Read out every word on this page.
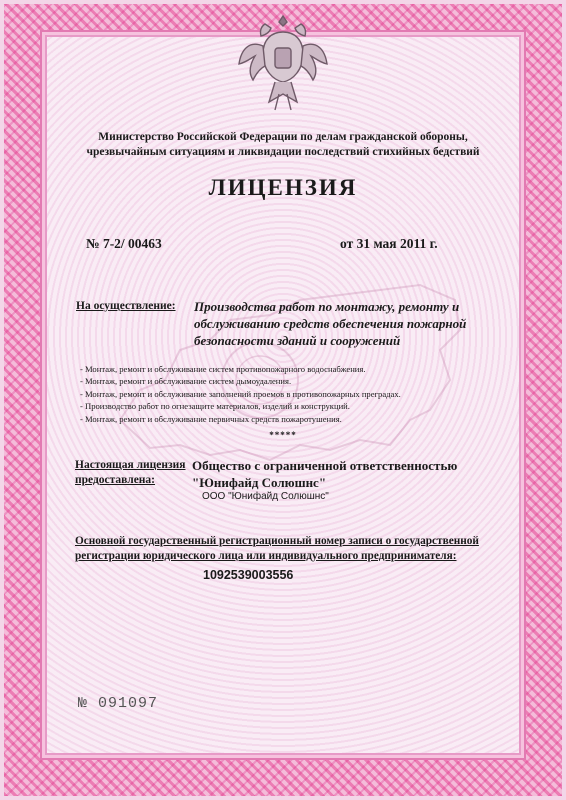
Министерство Российской Федерации по делам гражданской обороны,
чрезвычайным ситуациям и ликвидации последствий стихийных бедствий
ЛИЦЕНЗИЯ
№ 7-2/ 00463	от 31 мая 2011 г.
На осуществление: Производства работ по монтажу, ремонту и обслуживанию средств обеспечения пожарной безопасности зданий и сооружений
- Монтаж, ремонт и обслуживание систем противопожарного водоснабжения.
- Монтаж, ремонт и обслуживание систем дымоудаления.
- Монтаж, ремонт и обслуживание заполнений проемов в противопожарных преградах.
- Производство работ по огнезащите материалов, изделий и конструкций.
- Монтаж, ремонт и обслуживание первичных средств пожаротушения.
*****
Настоящая лицензия предоставлена:
Общество с ограниченной ответственностью
"Юнифайд Солюшнс"
ООО "Юнифайд Солюшнс"
Основной государственный регистрационный номер записи о государственной регистрации юридического лица или индивидуального предпринимателя:
1092539003556
№ 091097
